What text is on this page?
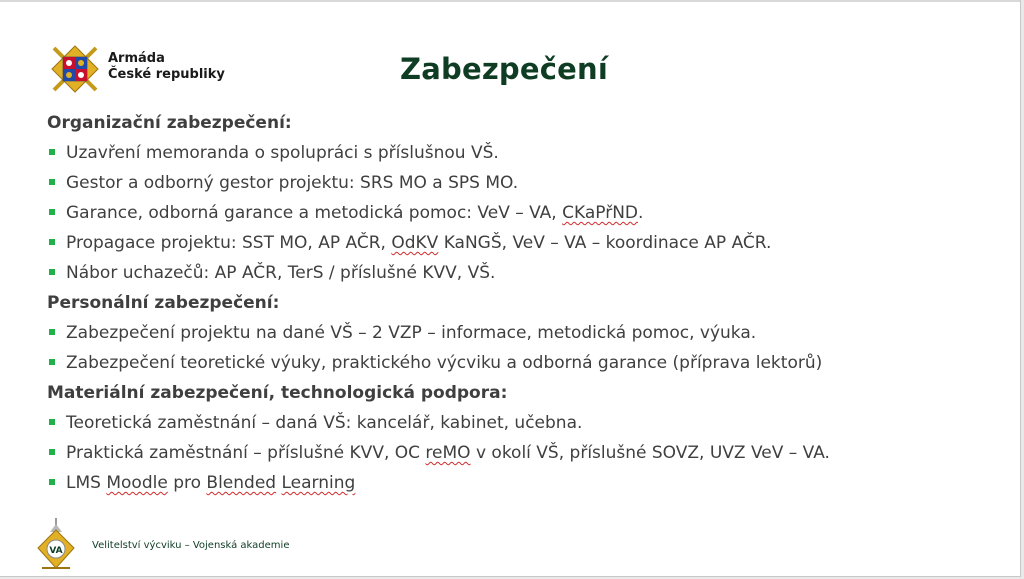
Armáda
České republiky	Zabezpečení
Organizační zabezpečení:
Uzavření memoranda o spolupráci s příslušnou VŠ.
Gestor a odborný gestor projektu: SRS MO a SPS MO.
Garance, odborná garance a metodická pomoc: VeV – VA, CKaPřND.
Propagace projektu: SST MO, AP AČR, OdKV KaNGŠ, VeV – VA – koordinace AP AČR.
Nábor uchazečů: AP AČR, TerS / příslušné KVV, VŠ.
Personální zabezpečení:
Zabezpečení projektu na dané VŠ – 2 VZP – informace, metodická pomoc, výuka.
Zabezpečení teoretické výuky, praktického výcviku a odborná garance (příprava lektorů)
Materiální zabezpečení, technologická podpora:
Teoretická zaměstnání – daná VŠ: kancelář, kabinet, učebna.
Praktická zaměstnání – příslušné KVV, OC reMO v okolí VŠ, příslušné SOVZ, UVZ VeV – VA.
LMS Moodle pro Blended Learning
VA	Velitelství výcviku – Vojenská akademie
